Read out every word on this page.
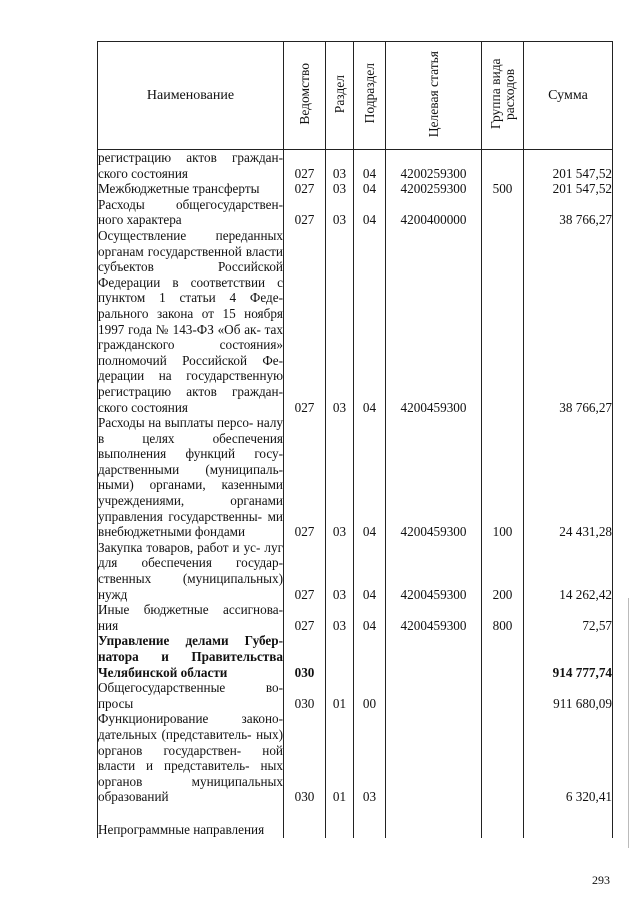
Наименование	Ведомство	Раздел	Подраздел	Целевая статья	Группа вида расходов	Сумма

регистрацию актов граждан- ского состояния	027	03	04	4200259300		201 547,52

Межбюджетные трансферты	027	03	04	4200259300	500	201 547,52

Расходы общегосударствен- ного характера	027	03	04	4200400000		38 766,27

Осуществление переданных органам государственной власти субъектов Российской Федерации в соответствии с пунктом 1 статьи 4 Феде- рального закона от 15 ноября 1997 года № 143-ФЗ «Об ак- тах гражданского состояния» полномочий Российской Фе- дерации на государственную регистрацию актов граждан- ского состояния	027	03	04	4200459300		38 766,27

Расходы на выплаты персо- налу в целях обеспечения выполнения функций госу- дарственными (муниципаль- ными) органами, казенными учреждениями, органами управления государственны- ми внебюджетными фондами	027	03	04	4200459300	100	24 431,28

Закупка товаров, работ и ус- луг для обеспечения государ- ственных (муниципальных) нужд	027	03	04	4200459300	200	14 262,42

Иные бюджетные ассигнова- ния	027	03	04	4200459300	800	72,57

Управление делами Губер- натора и Правительства Челябинской области	030					914 777,74

Общегосударственные во- просы	030	01	00			911 680,09

Функционирование законо- дательных (представитель- ных) органов государствен- ной власти и представитель- ных органов муниципальных образований	030	01	03			6 320,41

Непрограммные направления						

293
